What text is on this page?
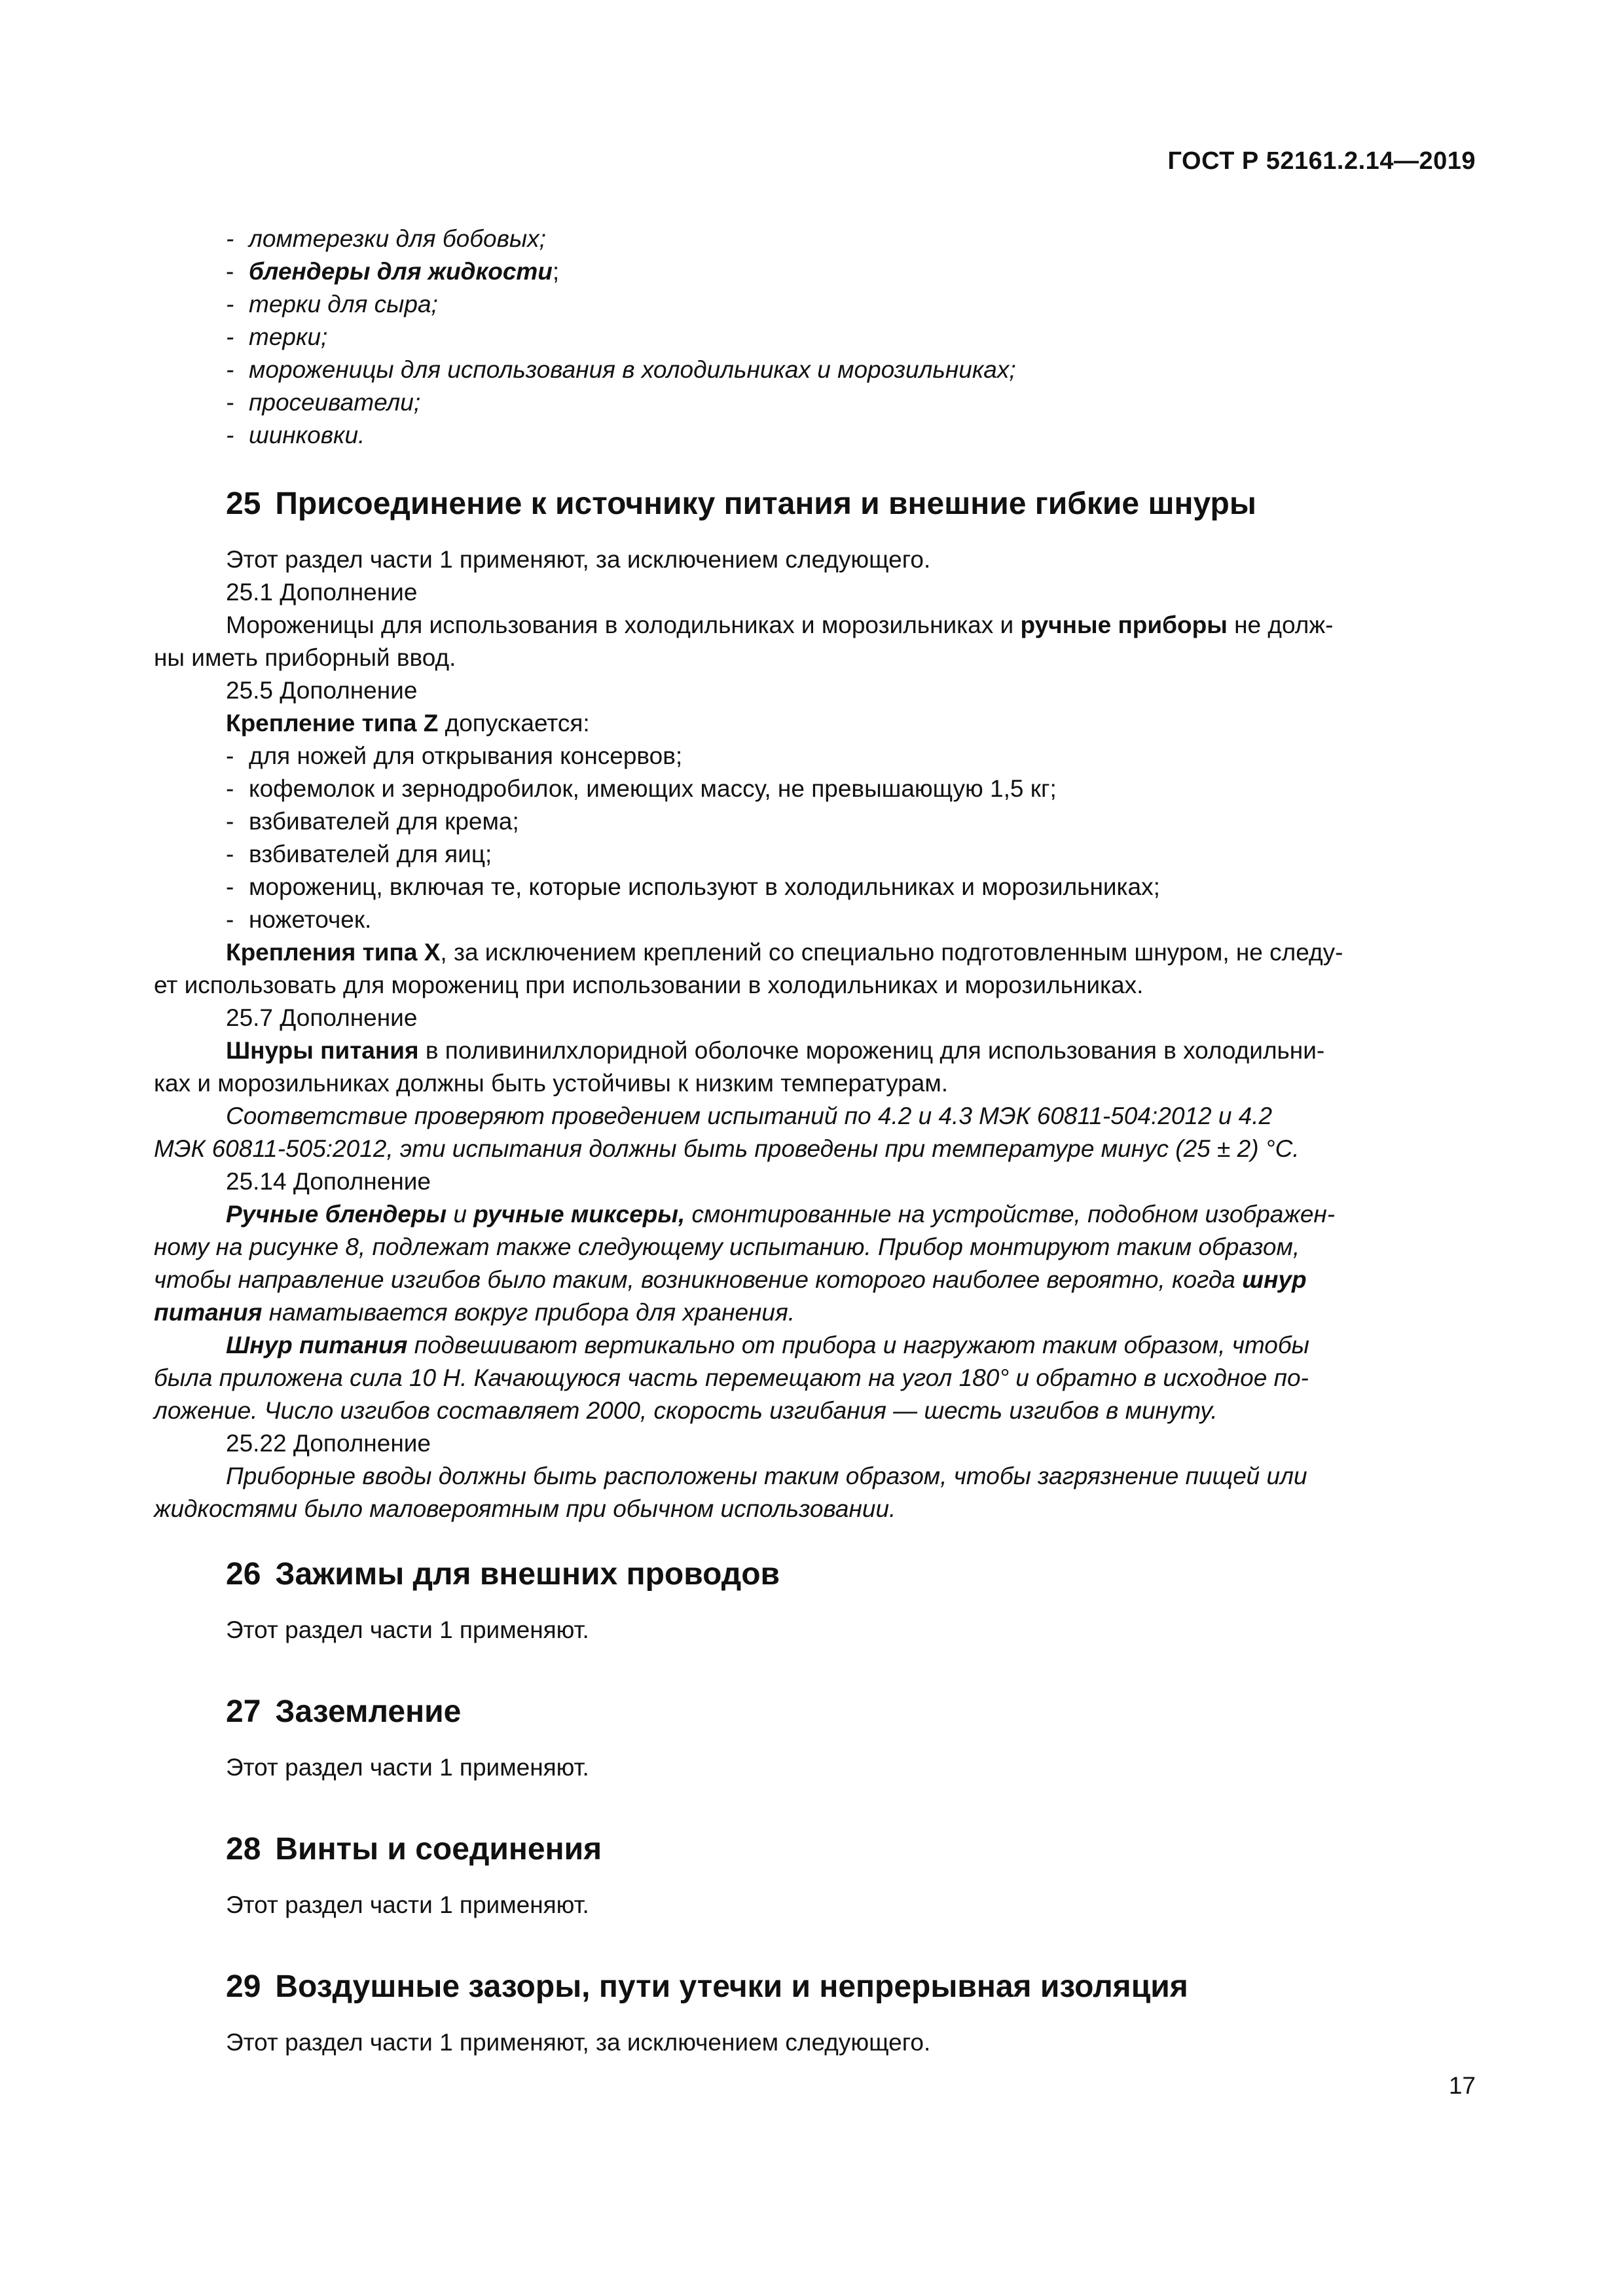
ГОСТ Р 52161.2.14—2019
- ломтерезки для бобовых;
- блендеры для жидкости;
- терки для сыра;
- терки;
- мороженицы для использования в холодильниках и морозильниках;
- просеиватели;
- шинковки.
25 Присоединение к источнику питания и внешние гибкие шнуры
Этот раздел части 1 применяют, за исключением следующего.
25.1 Дополнение
Мороженицы для использования в холодильниках и морозильниках и ручные приборы не долж-
ны иметь приборный ввод.
25.5 Дополнение
Крепление типа Z допускается:
- для ножей для открывания консервов;
- кофемолок и зернодробилок, имеющих массу, не превышающую 1,5 кг;
- взбивателей для крема;
- взбивателей для яиц;
- морожениц, включая те, которые используют в холодильниках и морозильниках;
- ножеточек.
Крепления типа X, за исключением креплений со специально подготовленным шнуром, не следу-
ет использовать для морожениц при использовании в холодильниках и морозильниках.
25.7 Дополнение
Шнуры питания в поливинилхлоридной оболочке морожениц для использования в холодильни-
ках и морозильниках должны быть устойчивы к низким температурам.
Соответствие проверяют проведением испытаний по 4.2 и 4.3 МЭК 60811-504:2012 и 4.2
МЭК 60811-505:2012, эти испытания должны быть проведены при температуре минус (25 ± 2) °С.
25.14 Дополнение
Ручные блендеры и ручные миксеры, смонтированные на устройстве, подобном изображен-
ному на рисунке 8, подлежат также следующему испытанию. Прибор монтируют таким образом,
чтобы направление изгибов было таким, возникновение которого наиболее вероятно, когда шнур
питания наматывается вокруг прибора для хранения.
Шнур питания подвешивают вертикально от прибора и нагружают таким образом, чтобы
была приложена сила 10 Н. Качающуюся часть перемещают на угол 180° и обратно в исходное по-
ложение. Число изгибов составляет 2000, скорость изгибания — шесть изгибов в минуту.
25.22 Дополнение
Приборные вводы должны быть расположены таким образом, чтобы загрязнение пищей или
жидкостями было маловероятным при обычном использовании.
26 Зажимы для внешних проводов
Этот раздел части 1 применяют.
27 Заземление
Этот раздел части 1 применяют.
28 Винты и соединения
Этот раздел части 1 применяют.
29 Воздушные зазоры, пути утечки и непрерывная изоляция
Этот раздел части 1 применяют, за исключением следующего.
17
